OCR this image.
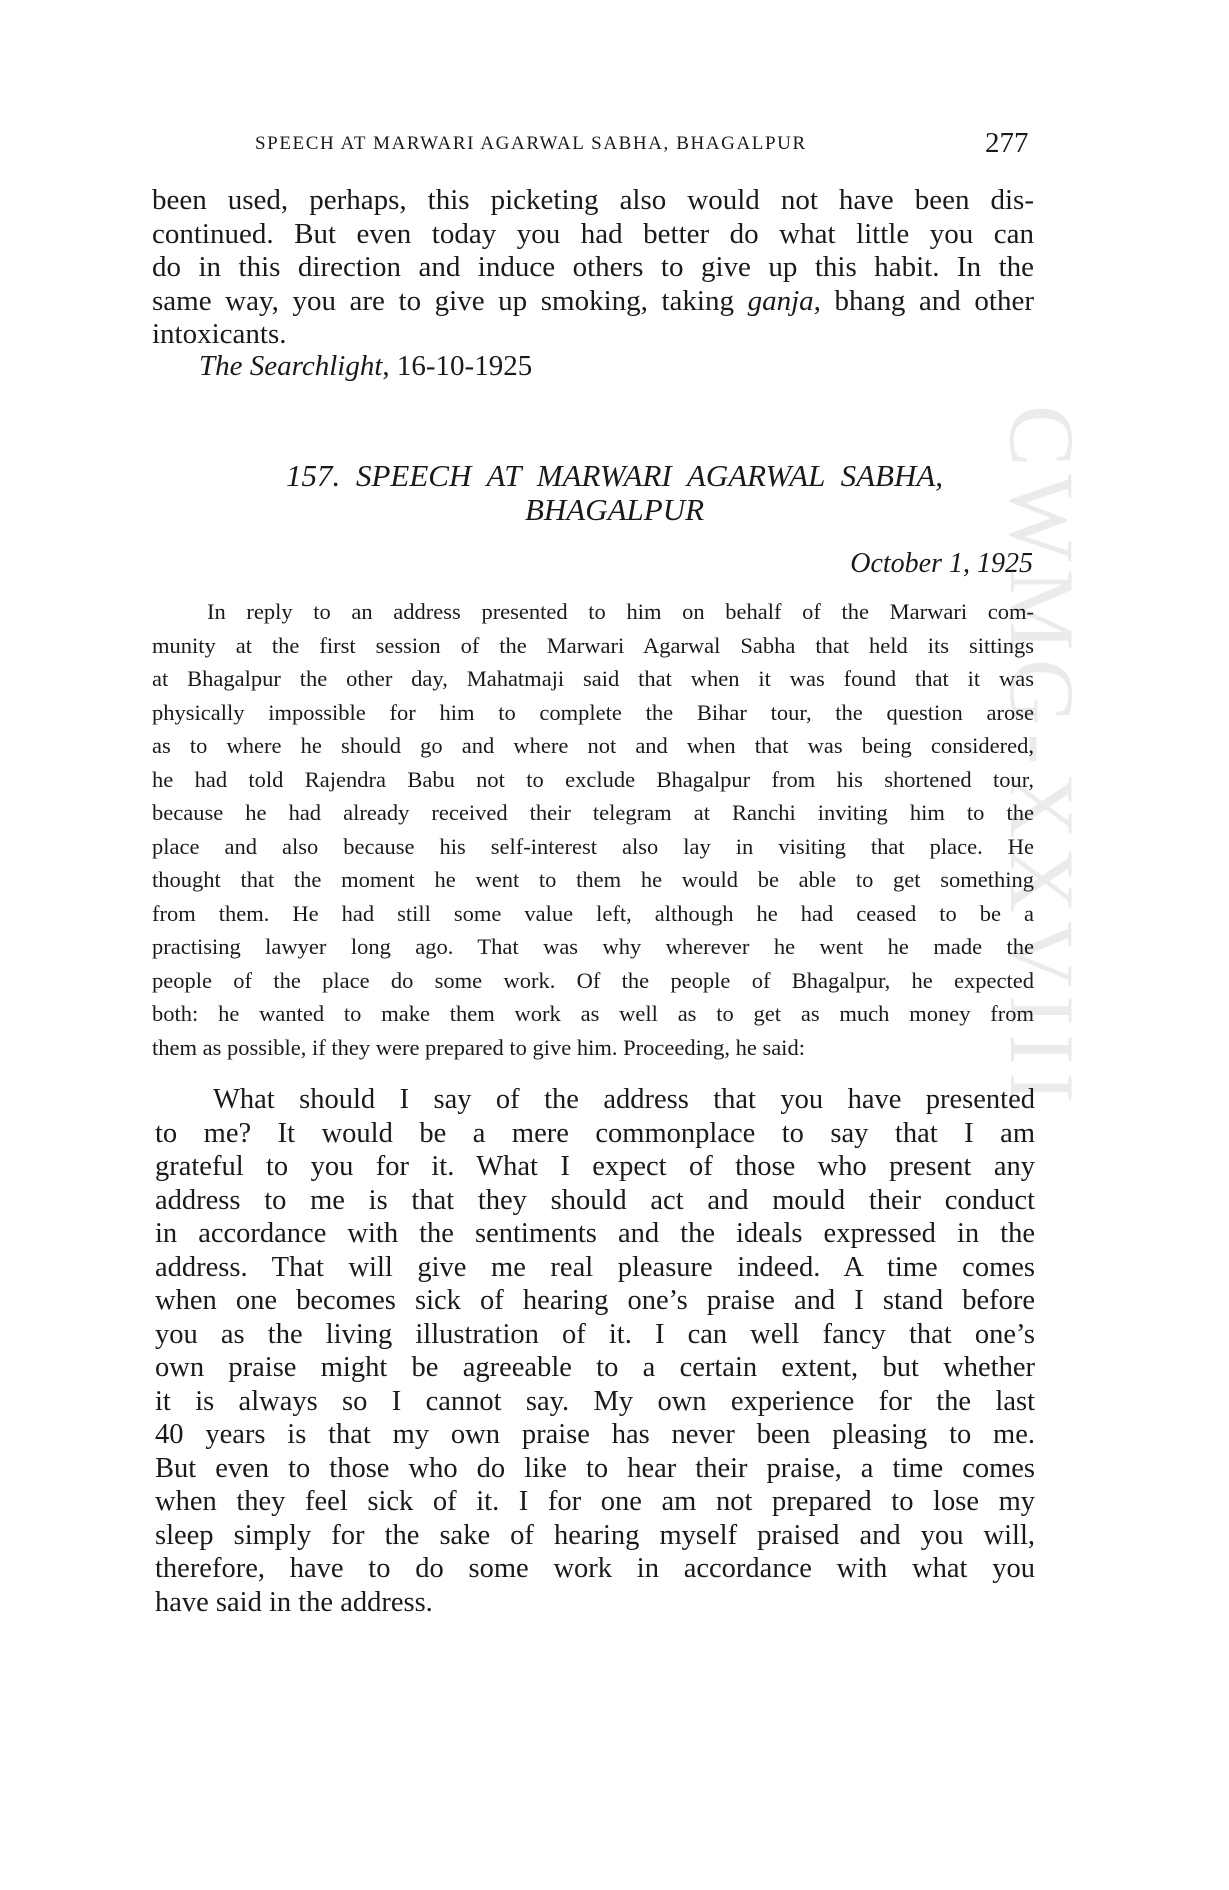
CWMG-XXVIII
SPEECH AT MARWARI AGARWAL SABHA, BHAGALPUR	277
been used, perhaps, this picketing also would not have been dis-
continued. But even today you had better do what little you can
do in this direction and induce others to give up this habit. In the
same way, you are to give up smoking, taking ganja, bhang and other
intoxicants.
The Searchlight, 16-10-1925
157. SPEECH AT MARWARI AGARWAL SABHA,
BHAGALPUR
October 1, 1925
In reply to an address presented to him on behalf of the Marwari com-
munity at the first session of the Marwari Agarwal Sabha that held its sittings
at Bhagalpur the other day, Mahatmaji said that when it was found that it was
physically impossible for him to complete the Bihar tour, the question arose
as to where he should go and where not and when that was being considered,
he had told Rajendra Babu not to exclude Bhagalpur from his shortened tour,
because he had already received their telegram at Ranchi inviting him to the
place and also because his self-interest also lay in visiting that place. He
thought that the moment he went to them he would be able to get something
from them. He had still some value left, although he had ceased to be a
practising lawyer long ago. That was why wherever he went he made the
people of the place do some work. Of the people of Bhagalpur, he expected
both: he wanted to make them work as well as to get as much money from
them as possible, if they were prepared to give him. Proceeding, he said:
What should I say of the address that you have presented
to me? It would be a mere commonplace to say that I am
grateful to you for it. What I expect of those who present any
address to me is that they should act and mould their conduct
in accordance with the sentiments and the ideals expressed in the
address. That will give me real pleasure indeed. A time comes
when one becomes sick of hearing one’s praise and I stand before
you as the living illustration of it. I can well fancy that one’s
own praise might be agreeable to a certain extent, but whether
it is always so I cannot say. My own experience for the last
40 years is that my own praise has never been pleasing to me.
But even to those who do like to hear their praise, a time comes
when they feel sick of it. I for one am not prepared to lose my
sleep simply for the sake of hearing myself praised and you will,
therefore, have to do some work in accordance with what you
have said in the address.
